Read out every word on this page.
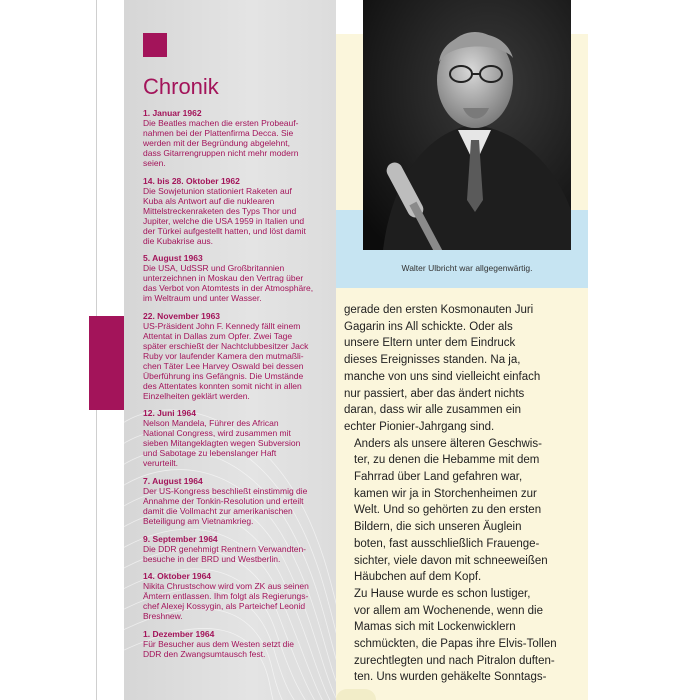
Chronik
1. Januar 1962
Die Beatles machen die ersten Probeauf-
nahmen bei der Plattenfirma Decca. Sie
werden mit der Begründung abgelehnt,
dass Gitarrengruppen nicht mehr modern
seien.
14. bis 28. Oktober 1962
Die Sowjetunion stationiert Raketen auf
Kuba als Antwort auf die nuklearen
Mittelstreckenraketen des Typs Thor und
Jupiter, welche die USA 1959 in Italien und
der Türkei aufgestellt hatten, und löst damit
die Kubakrise aus.
5. August 1963
Die USA, UdSSR und Großbritannien
unterzeichnen in Moskau den Vertrag über
das Verbot von Atomtests in der Atmosphäre,
im Weltraum und unter Wasser.
22. November 1963
US-Präsident John F. Kennedy fällt einem
Attentat in Dallas zum Opfer. Zwei Tage
später erschießt der Nachtclubbesitzer Jack
Ruby vor laufender Kamera den mutmaßli-
chen Täter Lee Harvey Oswald bei dessen
Überführung ins Gefängnis. Die Umstände
des Attentates konnten somit nicht in allen
Einzelheiten geklärt werden.
12. Juni 1964
Nelson Mandela, Führer des African
National Congress, wird zusammen mit
sieben Mitangeklagten wegen Subversion
und Sabotage zu lebenslanger Haft
verurteilt.
7. August 1964
Der US-Kongress beschließt einstimmig die
Annahme der Tonkin-Resolution und erteilt
damit die Vollmacht zur amerikanischen
Beteiligung am Vietnamkrieg.
9. September 1964
Die DDR genehmigt Rentnern Verwandten-
besuche in der BRD und Westberlin.
14. Oktober 1964
Nikita Chrustschow wird vom ZK aus seinen
Ämtern entlassen. Ihm folgt als Regierungs-
chef Alexej Kossygin, als Parteichef Leonid
Breshnew.
1. Dezember 1964
Für Besucher aus dem Westen setzt die
DDR den Zwangsumtausch fest.
Walter Ulbricht war allgegenwärtig.

gerade den ersten Kosmonauten Juri
Gagarin ins All schickte. Oder als
unsere Eltern unter dem Eindruck
dieses Ereignisses standen. Na ja,
manche von uns sind vielleicht einfach
nur passiert, aber das ändert nichts
daran, dass wir alle zusammen ein
echter Pionier-Jahrgang sind.

Anders als unsere älteren Geschwis-
ter, zu denen die Hebamme mit dem
Fahrrad über Land gefahren war,
kamen wir ja in Storchenheimen zur
Welt. Und so gehörten zu den ersten
Bildern, die sich unseren Äuglein
boten, fast ausschließlich Frauenge-
sichter, viele davon mit schneeweißen
Häubchen auf dem Kopf.

Zu Hause wurde es schon lustiger,
vor allem am Wochenende, wenn die
Mamas sich mit Lockenwicklern
schmückten, die Papas ihre Elvis-Tollen
zurechtlegten und nach Pitralon duften-
ten. Uns wurden gehäkelte Sonntags-
